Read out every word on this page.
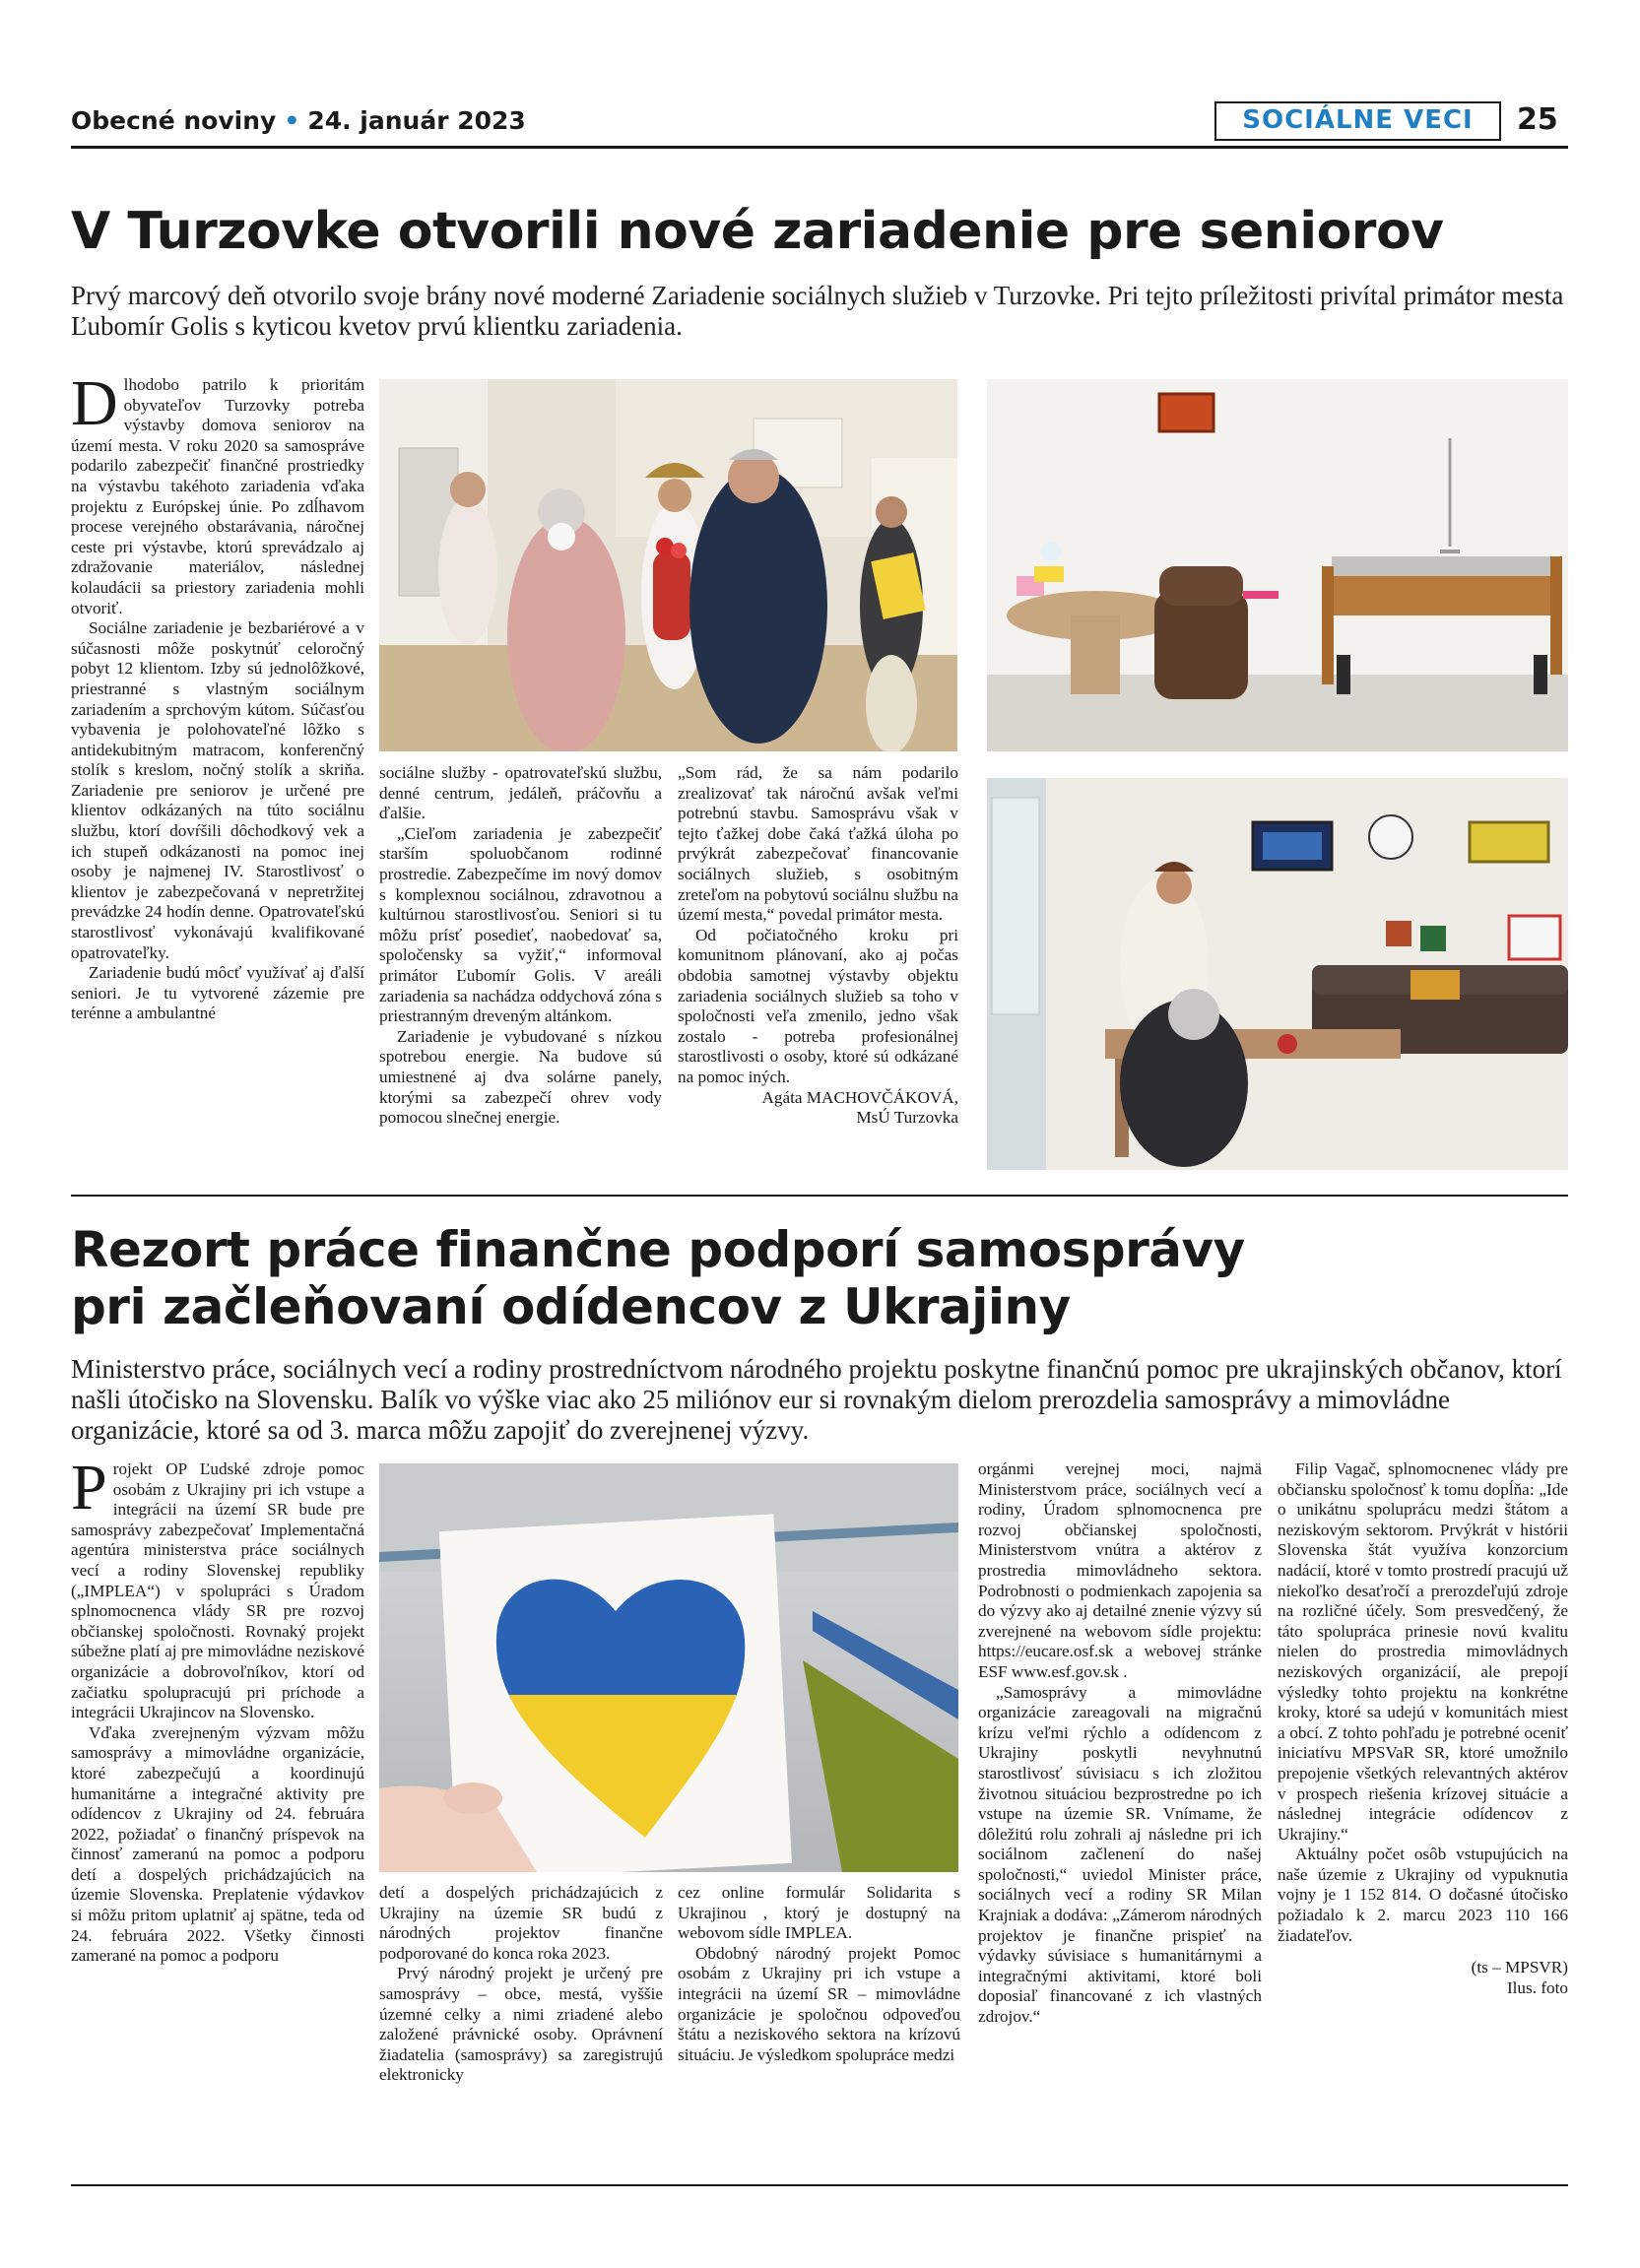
Obecné noviny • 24. január 2023	SOCIÁLNE VECI	25
V Turzovke otvorili nové zariadenie pre seniorov
Prvý marcový deň otvorilo svoje brány nové moderné Zariadenie sociálnych služieb v Turzovke. Pri tejto príležitosti privítal primátor mesta Ľubomír Golis s kyticou kvetov prvú klientku zariadenia.

Dlhodobo patrilo k prioritám obyvateľov Turzovky potreba výstavby domova seniorov na území mesta. V roku 2020 sa samospráve podarilo zabezpečiť finančné prostriedky na výstavbu takéhoto zariadenia vďaka projektu z Európskej únie. Po zdĺhavom procese verejného obstarávania, náročnej ceste pri výstavbe, ktorú sprevádzalo aj zdražovanie materiálov, následnej kolaudácii sa priestory zariadenia mohli otvoriť.

Sociálne zariadenie je bezbariérové a v súčasnosti môže poskytnúť celoročný pobyt 12 klientom. Izby sú jednolôžkové, priestranné s vlastným sociálnym zariadením a sprchovým kútom. Súčasťou vybavenia je polohovateľné lôžko s antidekubitným matracom, konferenčný stolík s kreslom, nočný stolík a skriňa. Zariadenie pre seniorov je určené pre klientov odkázaných na túto sociálnu službu, ktorí dovŕšili dôchodkový vek a ich stupeň odkázanosti na pomoc inej osoby je najmenej IV. Starostlivosť o klientov je zabezpečovaná v nepretržitej prevádzke 24 hodín denne. Opatrovateľskú starostlivosť vykonávajú kvalifikované opatrovateľky.

Zariadenie budú môcť využívať aj ďalší seniori. Je tu vytvorené zázemie pre terénne a ambulantné

sociálne služby - opatrovateľskú službu, denné centrum, jedáleň, práčovňu a ďalšie.

„Cieľom zariadenia je zabezpečiť starším spoluobčanom rodinné prostredie. Zabezpečíme im nový domov s komplexnou sociálnou, zdravotnou a kultúrnou starostlivosťou. Seniori si tu môžu prísť posedieť, naobedovať sa, spoločensky sa vyžiť,“ informoval primátor Ľubomír Golis. V areáli zariadenia sa nachádza oddychová zóna s priestranným dreveným altánkom.

Zariadenie je vybudované s nízkou spotrebou energie. Na budove sú umiestnené aj dva solárne panely, ktorými sa zabezpečí ohrev vody pomocou slnečnej energie.

„Som rád, že sa nám podarilo zrealizovať tak náročnú avšak veľmi potrebnú stavbu. Samosprávu však v tejto ťažkej dobe čaká ťažká úloha po prvýkrát zabezpečovať financovanie sociálnych služieb, s osobitným zreteľom na pobytovú sociálnu službu na území mesta,“ povedal primátor mesta.

Od počiatočného kroku pri komunitnom plánovaní, ako aj počas obdobia samotnej výstavby objektu zariadenia sociálnych služieb sa toho v spoločnosti veľa zmenilo, jedno však zostalo - potreba profesionálnej starostlivosti o osoby, ktoré sú odkázané na pomoc iných.

Agáta MACHOVČÁKOVÁ,

MsÚ Turzovka

Rezort práce finančne podporí samosprávy
pri začleňovaní odídencov z Ukrajiny
Ministerstvo práce, sociálnych vecí a rodiny prostredníctvom národného projektu poskytne finančnú pomoc pre ukrajinských občanov, ktorí našli útočisko na Slovensku. Balík vo výške viac ako 25 miliónov eur si rovnakým dielom prerozdelia samosprávy a mimovládne organizácie, ktoré sa od 3. marca môžu zapojiť do zverejnenej výzvy.

Projekt OP Ľudské zdroje pomoc osobám z Ukrajiny pri ich vstupe a integrácii na území SR bude pre samosprávy zabezpečovať Implementačná agentúra ministerstva práce sociálnych vecí a rodiny Slovenskej republiky („IMPLEA“) v spolupráci s Úradom splnomocnenca vlády SR pre rozvoj občianskej spoločnosti. Rovnaký projekt súbežne platí aj pre mimovládne neziskové organizácie a dobrovoľníkov, ktorí od začiatku spolupracujú pri príchode a integrácii Ukrajincov na Slovensko.

Vďaka zverejneným výzvam môžu samosprávy a mimovládne organizácie, ktoré zabezpečujú a koordinujú humanitárne a integračné aktivity pre odídencov z Ukrajiny od 24. februára 2022, požiadať o finančný príspevok na činnosť zameranú na pomoc a podporu detí a dospelých prichádzajúcich na územie Slovenska. Preplatenie výdavkov si môžu pritom uplatniť aj spätne, teda od 24. februára 2022. Všetky činnosti zamerané na pomoc a podporu

detí a dospelých prichádzajúcich z Ukrajiny na územie SR budú z národných projektov finančne podporované do konca roka 2023.

Prvý národný projekt je určený pre samosprávy – obce, mestá, vyššie územné celky a nimi zriadené alebo založené právnické osoby. Oprávnení žiadatelia (samosprávy) sa zaregistrujú elektronicky

cez online formulár Solidarita s Ukrajinou , ktorý je dostupný na webovom sídle IMPLEA.

Obdobný národný projekt Pomoc osobám z Ukrajiny pri ich vstupe a integrácii na území SR – mimovládne organizácie je spoločnou odpoveďou štátu a neziskového sektora na krízovú situáciu. Je výsledkom spolupráce medzi

orgánmi verejnej moci, najmä Ministerstvom práce, sociálnych vecí a rodiny, Úradom splnomocnenca pre rozvoj občianskej spoločnosti, Ministerstvom vnútra a aktérov z prostredia mimovládneho sektora. Podrobnosti o podmienkach zapojenia sa do výzvy ako aj detailné znenie výzvy sú zverejnené na webovom sídle projektu: https://eucare.osf.sk a webovej stránke ESF www.esf.gov.sk .

„Samosprávy a mimovládne organizácie zareagovali na migračnú krízu veľmi rýchlo a odídencom z Ukrajiny poskytli nevyhnutnú starostlivosť súvisiacu s ich zložitou životnou situáciou bezprostredne po ich vstupe na územie SR. Vnímame, že dôležitú rolu zohrali aj následne pri ich sociálnom začlenení do našej spoločnosti,“ uviedol Minister práce, sociálnych vecí a rodiny SR Milan Krajniak a dodáva: „Zámerom národných projektov je finančne prispieť na výdavky súvisiace s humanitárnymi a integračnými aktivitami, ktoré boli doposiaľ financované z ich vlastných zdrojov.“

Filip Vagač, splnomocnenec vlády pre občiansku spoločnosť k tomu dopĺňa: „Ide o unikátnu spoluprácu medzi štátom a neziskovým sektorom. Prvýkrát v histórii Slovenska štát využíva konzorcium nadácií, ktoré v tomto prostredí pracujú už niekoľko desaťročí a prerozdeľujú zdroje na rozličné účely. Som presvedčený, že táto spolupráca prinesie novú kvalitu nielen do prostredia mimovládnych neziskových organizácií, ale prepojí výsledky tohto projektu na konkrétne kroky, ktoré sa udejú v komunitách miest a obcí. Z tohto pohľadu je potrebné oceniť iniciatívu MPSVaR SR, ktoré umožnilo prepojenie všetkých relevantných aktérov v prospech riešenia krízovej situácie a následnej integrácie odídencov z Ukrajiny.“

Aktuálny počet osôb vstupujúcich na naše územie z Ukrajiny od vypuknutia vojny je 1 152 814. O dočasné útočisko požiadalo k 2. marcu 2023 110 166 žiadateľov.

(ts – MPSVR)

Ilus. foto
